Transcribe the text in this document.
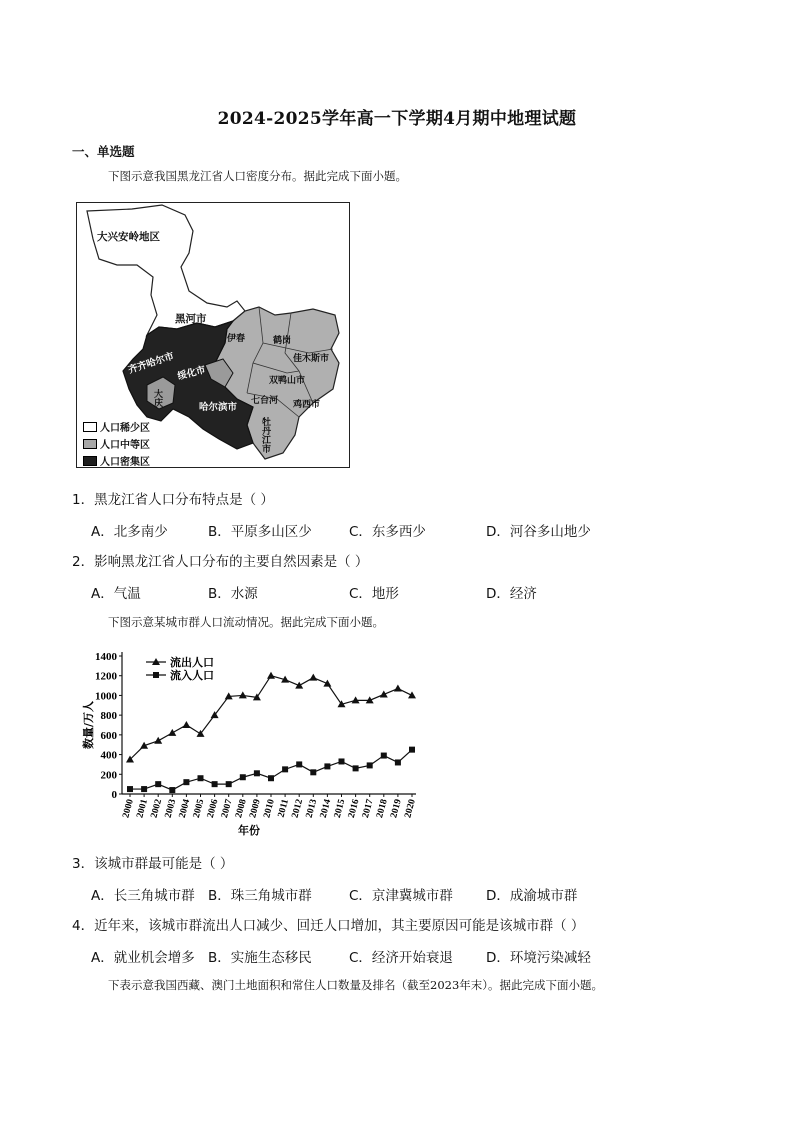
2024-2025学年高一下学期4月期中地理试题
一、单选题
下图示意我国黑龙江省人口密度分布。据此完成下面小题。
大兴安岭地区
黑河市
齐齐哈尔市 绥化市
哈尔滨市
大庆
伊春	鹤岗
佳木斯市
双鸭山市
七台河 鸡西市
牡丹江市
人口稀少区
人口中等区
人口密集区
1．黑龙江省人口分布特点是（ ）
A．北多南少	B．平原多山区少	C．东多西少	D．河谷多山地少
2．影响黑龙江省人口分布的主要自然因素是（ ）
A．气温	B．水源	C．地形	D．经济
下图示意某城市群人口流动情况。据此完成下面小题。
0
200
400
600
800
1000
1200
1400
2000 2001 2002 2003 2004 2005 2006 2007 2008 2009 2010 2011 2012 2013 2014 2015 2016 2017 2018 2019 2020
年份
数量/万人
流出人口
流入人口
3．该城市群最可能是（ ）
A．长三角城市群 B．珠三角城市群	C．京津冀城市群 D．成渝城市群
4．近年来，该城市群流出人口减少、回迁人口增加，其主要原因可能是该城市群（ ）
A．就业机会增多 B．实施生态移民	C．经济开始衰退 D．环境污染减轻
下表示意我国西藏、澳门土地面积和常住人口数量及排名（截至2023年末）。据此完成下面小题。
